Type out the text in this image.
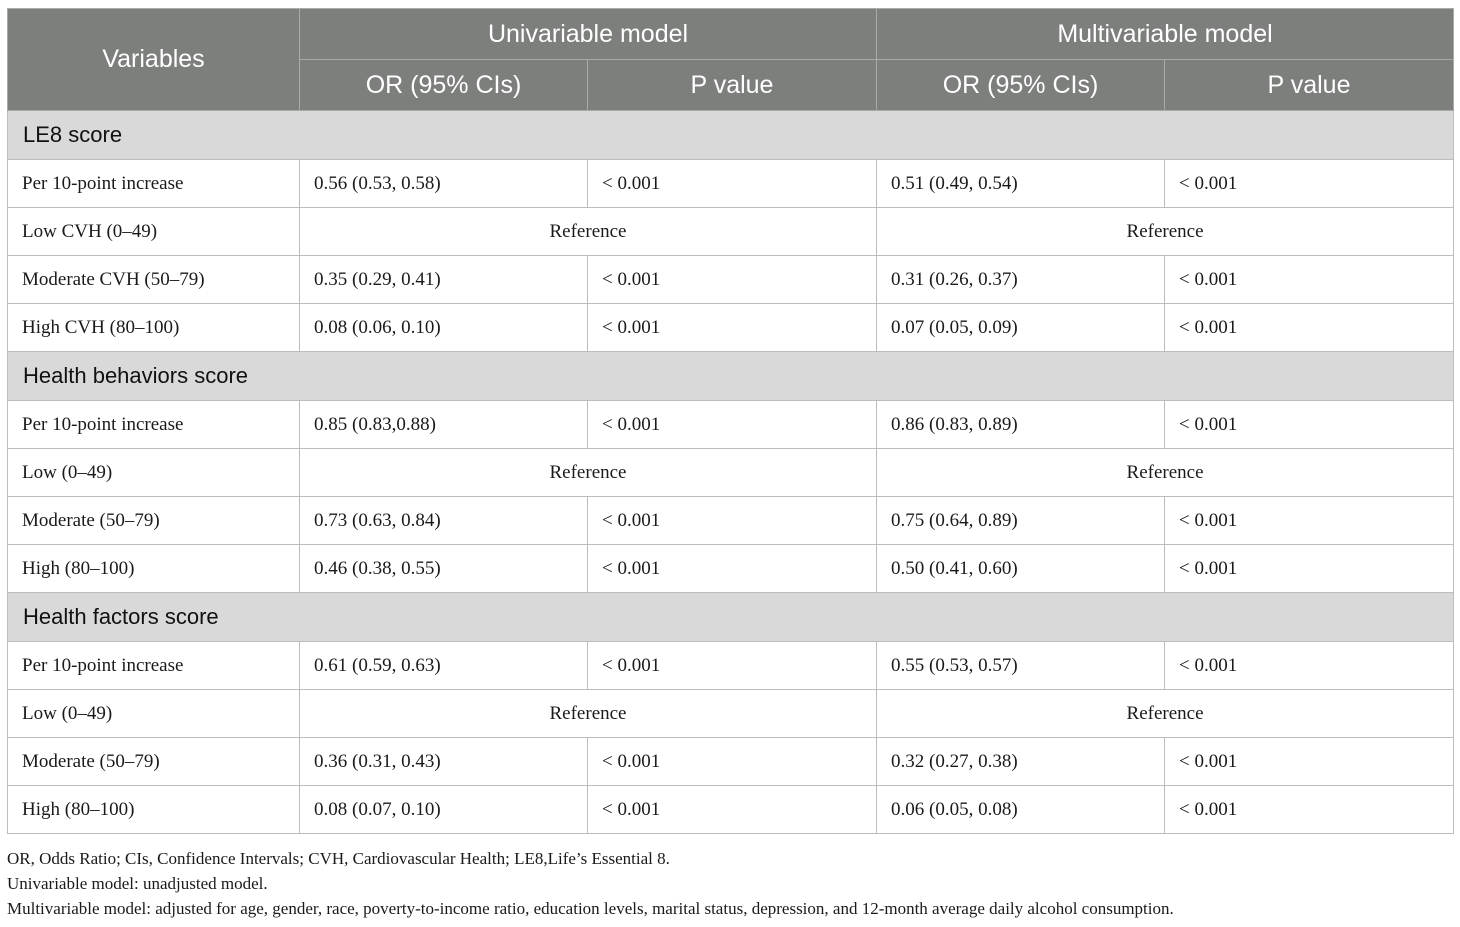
Variables	Univariable model		Multivariable model	
	OR (95% CIs)	P value	OR (95% CIs)	P value
LE8 score				
Per 10-point increase	0.56 (0.53, 0.58)	< 0.001	0.51 (0.49, 0.54)	< 0.001
Low CVH (0–49)	Reference		Reference	
Moderate CVH (50–79)	0.35 (0.29, 0.41)	< 0.001	0.31 (0.26, 0.37)	< 0.001
High CVH (80–100)	0.08 (0.06, 0.10)	< 0.001	0.07 (0.05, 0.09)	< 0.001
Health behaviors score				
Per 10-point increase	0.85 (0.83,0.88)	< 0.001	0.86 (0.83, 0.89)	< 0.001
Low (0–49)	Reference		Reference	
Moderate (50–79)	0.73 (0.63, 0.84)	< 0.001	0.75 (0.64, 0.89)	< 0.001
High (80–100)	0.46 (0.38, 0.55)	< 0.001	0.50 (0.41, 0.60)	< 0.001
Health factors score				
Per 10-point increase	0.61 (0.59, 0.63)	< 0.001	0.55 (0.53, 0.57)	< 0.001
Low (0–49)	Reference		Reference	
Moderate (50–79)	0.36 (0.31, 0.43)	< 0.001	0.32 (0.27, 0.38)	< 0.001
High (80–100)	0.08 (0.07, 0.10)	< 0.001	0.06 (0.05, 0.08)	< 0.001
OR, Odds Ratio; CIs, Confidence Intervals; CVH, Cardiovascular Health; LE8,Life’s Essential 8.
Univariable model: unadjusted model.
Multivariable model: adjusted for age, gender, race, poverty-to-income ratio, education levels, marital status, depression, and 12-month average daily alcohol consumption.
